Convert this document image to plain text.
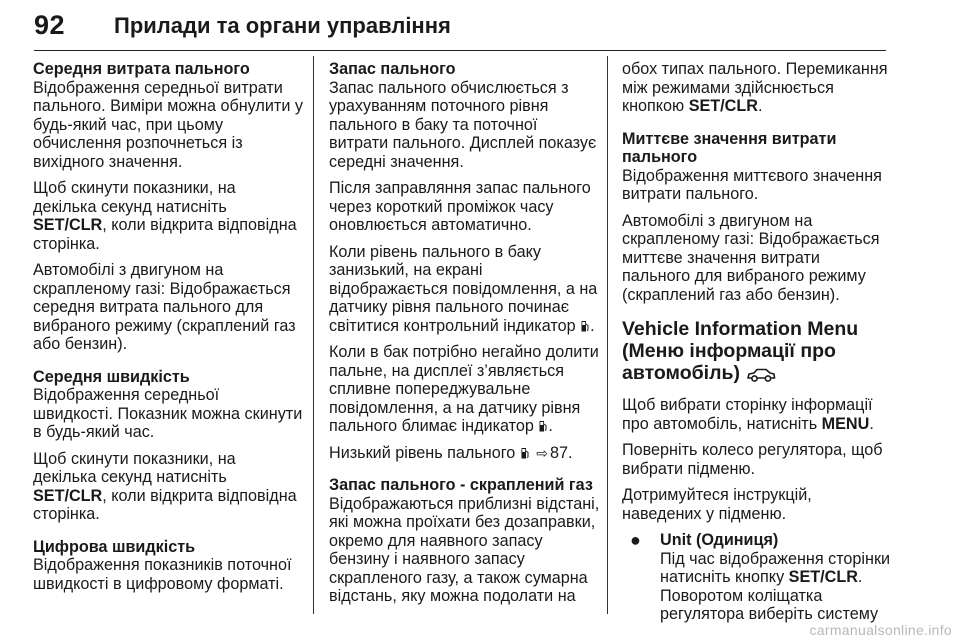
92 Прилади та органи управління
Середня витрата пального

Відображення середньої витрати пального. Виміри можна обнулити у будь-який час, при цьому обчислення розпочнеться із вихідного значення.

Щоб скинути показники, на декілька секунд натисніть SET/CLR, коли відкрита відповідна сторінка.

Автомобілі з двигуном на скрапленому газі: Відображається середня витрата пального для вибраного режиму (скраплений газ або бензин).

Середня швидкість

Відображення середньої швидкості. Показник можна скинути в будь-який час.

Щоб скинути показники, на декілька секунд натисніть SET/CLR, коли відкрита відповідна сторінка.

Цифрова швидкість

Відображення показників поточної швидкості в цифровому форматі.

Запас пального

Запас пального обчислюється з урахуванням поточного рівня пального в баку та поточної витрати пального. Дисплей показує середні значення.

Після заправляння запас пального через короткий проміжок часу оновлюється автоматично.

Коли рівень пального в баку занизький, на екрані відображається повідомлення, а на датчику рівня пального починає світитися контрольний індикатор .

Коли в бак потрібно негайно долити пальне, на дисплеї з’являється спливне попереджувальне повідомлення, а на датчику рівня пального блимає індикатор .

Низький рівень пального ⇨ 87.

Запас пального - скраплений газ

Відображаються приблизні відстані, які можна проїхати без дозаправки, окремо для наявного запасу бензину і наявного запасу скрапленого газу, а також сумарна відстань, яку можна подолати на

обох типах пального. Перемикання між режимами здійснюється кнопкою SET/CLR.

Миттєве значення витрати пального

Відображення миттєвого значення витрати пального.

Автомобілі з двигуном на скрапленому газі: Відображається миттєве значення витрати пального для вибраного режиму (скраплений газ або бензин).

Vehicle Information Menu (Меню інформації про автомобіль)

Щоб вибрати сторінку інформації про автомобіль, натисніть MENU.

Поверніть колесо регулятора, щоб вибрати підменю.

Дотримуйтеся інструкцій, наведених у підменю.

● Unit (Одиниця)
Під час відображення сторінки натисніть кнопку SET/CLR. Поворотом коліщатка регулятора виберіть систему
carmanualsonline.info
